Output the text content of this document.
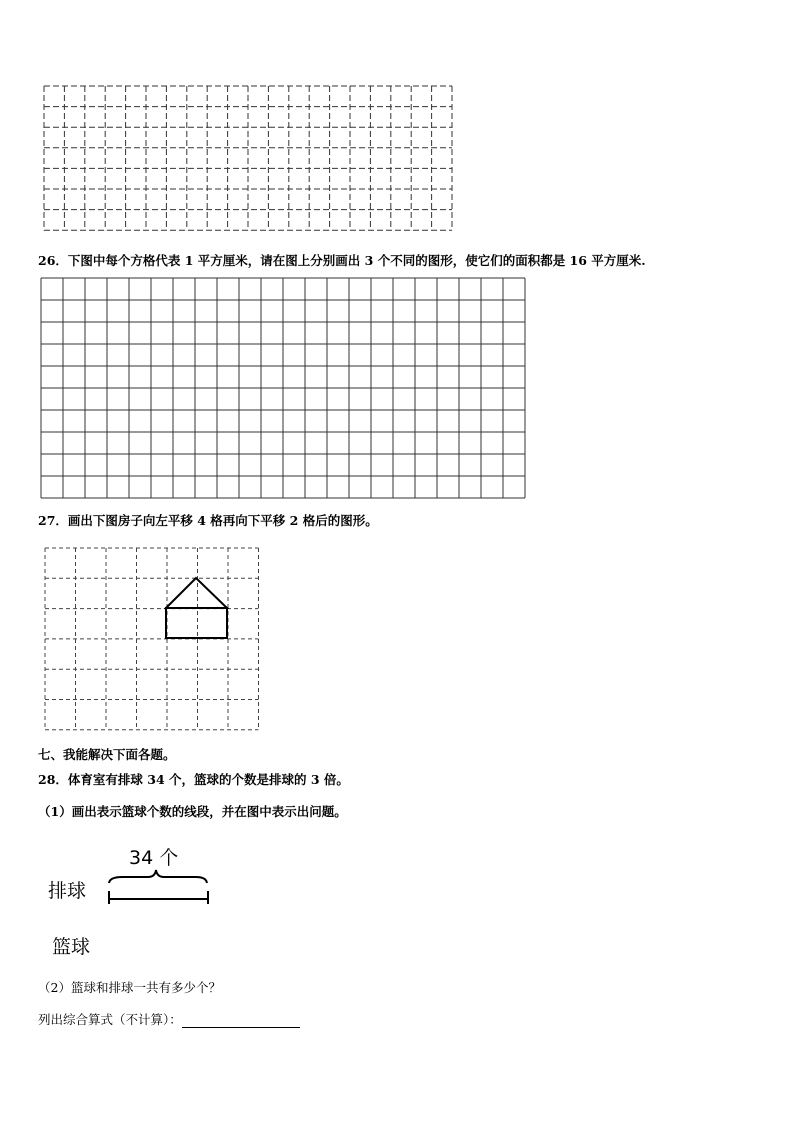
26．下图中每个方格代表 1 平方厘米，请在图上分别画出 3 个不同的图形，使它们的面积都是 16 平方厘米.
27．画出下图房子向左平移 4 格再向下平移 2 格后的图形。
七、我能解决下面各题。
28．体育室有排球 34 个，篮球的个数是排球的 3 倍。
（1）画出表示篮球个数的线段，并在图中表示出问题。
34 个
排球
篮球
（2）篮球和排球一共有多少个？
列出综合算式（不计算）：
